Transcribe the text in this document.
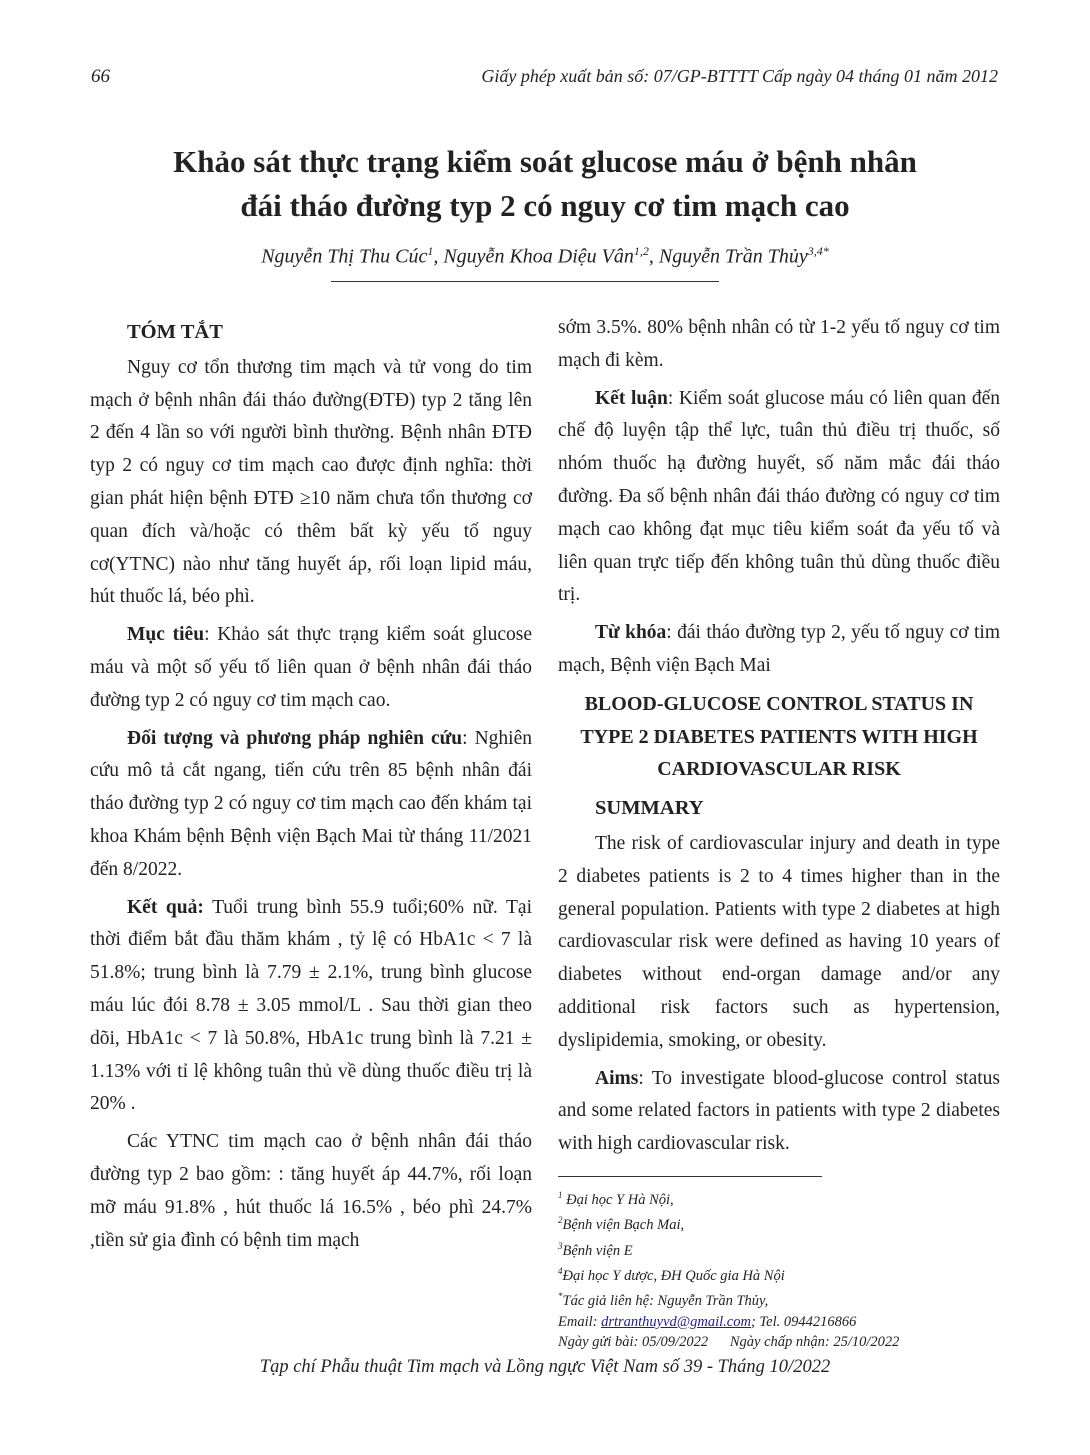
66	Giấy phép xuất bản số: 07/GP-BTTTT Cấp ngày 04 tháng 01 năm 2012
Khảo sát thực trạng kiểm soát glucose máu ở bệnh nhân
đái tháo đường typ 2 có nguy cơ tim mạch cao
Nguyễn Thị Thu Cúc$^1$, Nguyễn Khoa Diệu Vân$^{1,2}$, Nguyễn Trần Thủy$^{3,4*}$
TÓM TẮT

Nguy cơ tổn thương tim mạch và tử vong do tim mạch ở bệnh nhân đái tháo đường(ĐTĐ) typ 2 tăng lên 2 đến 4 lần so với người bình thường. Bệnh nhân ĐTĐ typ 2 có nguy cơ tim mạch cao được định nghĩa: thời gian phát hiện bệnh ĐTĐ ≥10 năm chưa tổn thương cơ quan đích và/hoặc có thêm bất kỳ yếu tố nguy cơ(YTNC) nào như tăng huyết áp, rối loạn lipid máu, hút thuốc lá, béo phì.

Mục tiêu: Khảo sát thực trạng kiểm soát glucose máu và một số yếu tố liên quan ở bệnh nhân đái tháo đường typ 2 có nguy cơ tim mạch cao.

Đối tượng và phương pháp nghiên cứu: Nghiên cứu mô tả cắt ngang, tiến cứu trên 85 bệnh nhân đái tháo đường typ 2 có nguy cơ tim mạch cao đến khám tại khoa Khám bệnh Bệnh viện Bạch Mai từ tháng 11/2021 đến 8/2022.

Kết quả: Tuổi trung bình 55.9 tuổi;60% nữ. Tại thời điểm bắt đầu thăm khám , tỷ lệ có HbA1c < 7 là 51.8%; trung bình là 7.79 ± 2.1%, trung bình glucose máu lúc đói 8.78 ± 3.05 mmol/L . Sau thời gian theo dõi, HbA1c < 7 là 50.8%, HbA1c trung bình là 7.21 ± 1.13% với tỉ lệ không tuân thủ về dùng thuốc điều trị là 20% .

Các YTNC tim mạch cao ở bệnh nhân đái tháo đường typ 2 bao gồm: : tăng huyết áp 44.7%, rối loạn mỡ máu 91.8% , hút thuốc lá 16.5% , béo phì 24.7% ,tiền sử gia đình có bệnh tim mạch

sớm 3.5%. 80% bệnh nhân có từ 1-2 yếu tố nguy cơ tim mạch đi kèm.

Kết luận: Kiểm soát glucose máu có liên quan đến chế độ luyện tập thể lực, tuân thủ điều trị thuốc, số nhóm thuốc hạ đường huyết, số năm mắc đái tháo đường. Đa số bệnh nhân đái tháo đường có nguy cơ tim mạch cao không đạt mục tiêu kiểm soát đa yếu tố và liên quan trực tiếp đến không tuân thủ dùng thuốc điều trị.

Từ khóa: đái tháo đường typ 2, yếu tố nguy cơ tim mạch, Bệnh viện Bạch Mai

BLOOD-GLUCOSE CONTROL STATUS IN TYPE 2 DIABETES PATIENTS WITH HIGH CARDIOVASCULAR RISK
SUMMARY

The risk of cardiovascular injury and death in type 2 diabetes patients is 2 to 4 times higher than in the general population. Patients with type 2 diabetes at high cardiovascular risk were defined as having 10 years of diabetes without end-organ damage and/or any additional risk factors such as hypertension, dyslipidemia, smoking, or obesity.

Aims: To investigate blood-glucose control status and some related factors in patients with type 2 diabetes with high cardiovascular risk.

$^1$ Đại học Y Hà Nội,
$^2$Bệnh viện Bạch Mai,
$^3$Bệnh viện E
$^4$Đại học Y dược, ĐH Quốc gia Hà Nội
*Tác giả liên hệ: Nguyễn Trần Thủy,
Email: drtranthuyvd@gmail.com; Tel. 0944216866
Ngày gửi bài: 05/09/2022 Ngày chấp nhận: 25/10/2022
Tạp chí Phẫu thuật Tim mạch và Lồng ngực Việt Nam số 39 - Tháng 10/2022
